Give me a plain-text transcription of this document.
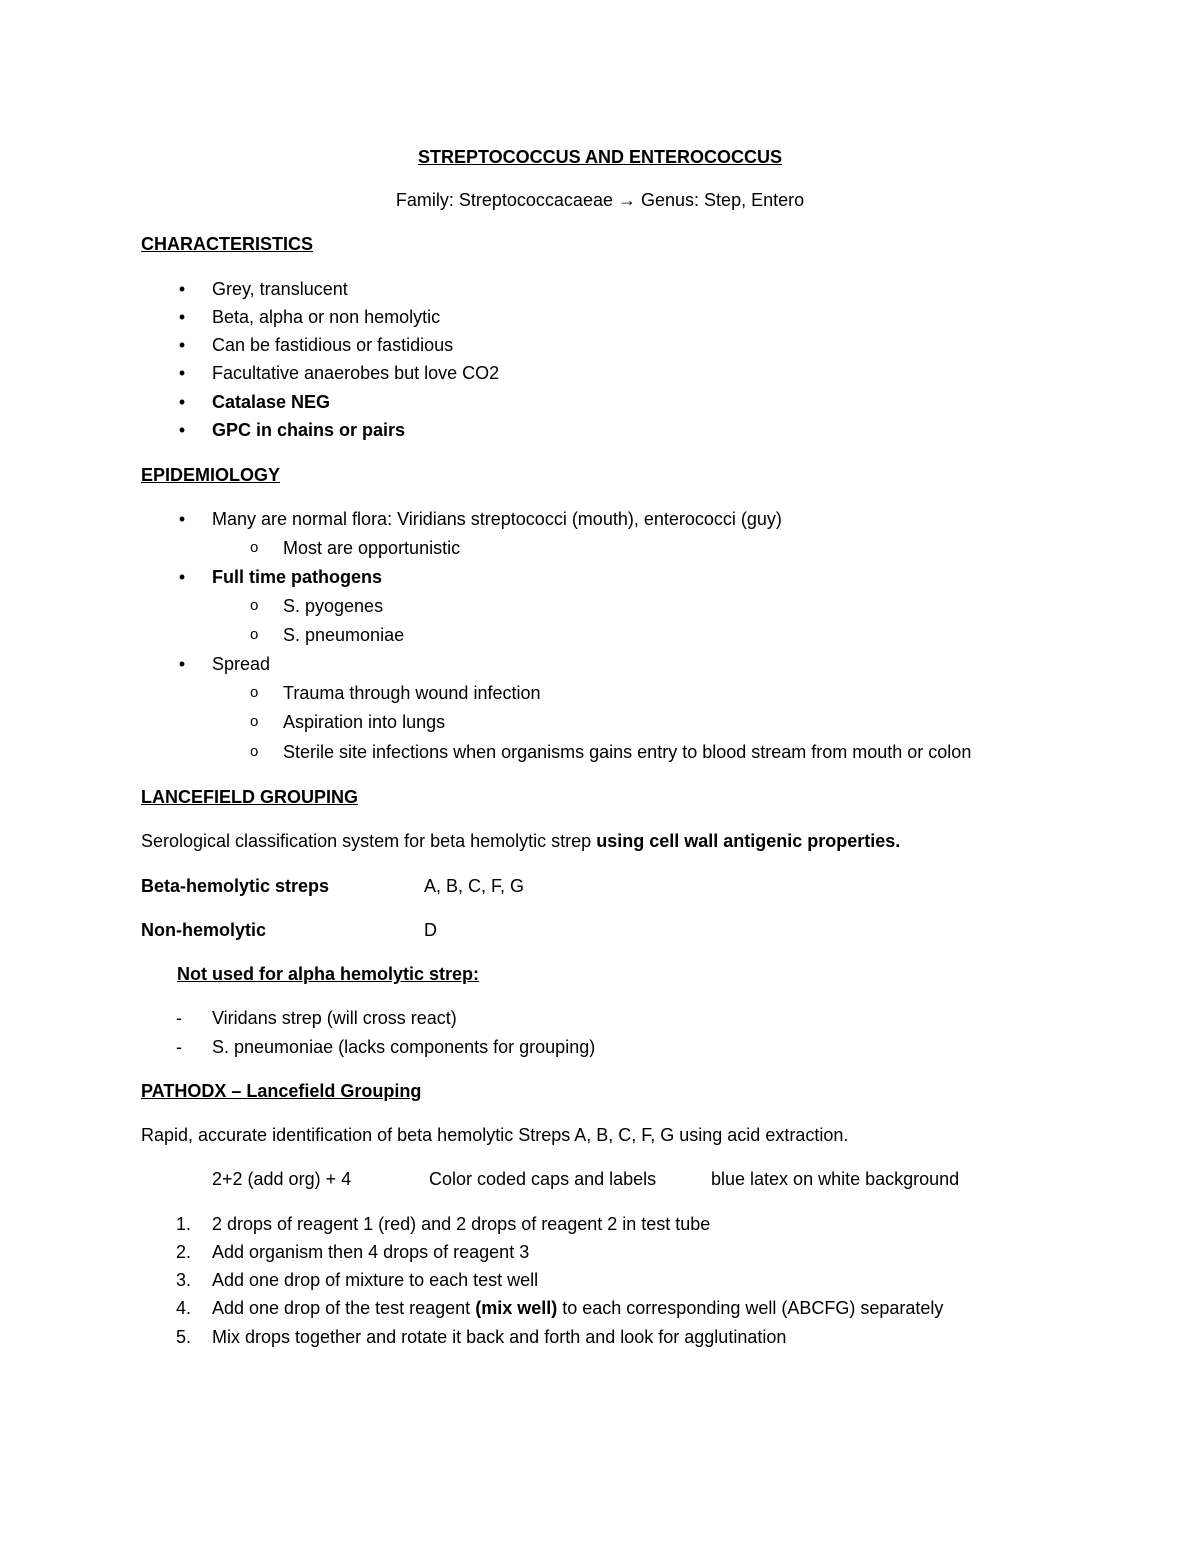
STREPTOCOCCUS AND ENTEROCOCCUS
Family: Streptococcacaeae → Genus: Step, Entero
CHARACTERISTICS
• Grey, translucent
• Beta, alpha or non hemolytic
• Can be fastidious or fastidious
• Facultative anaerobes but love CO2
• Catalase NEG
• GPC in chains or pairs
EPIDEMIOLOGY
• Many are normal flora: Viridians streptococci (mouth), enterococci (guy)
o Most are opportunistic
• Full time pathogens
o S. pyogenes
o S. pneumoniae
• Spread
o Trauma through wound infection
o Aspiration into lungs
o Sterile site infections when organisms gains entry to blood stream from mouth or colon
LANCEFIELD GROUPING
Serological classification system for beta hemolytic strep using cell wall antigenic properties.
Beta-hemolytic streps	A, B, C, F, G
Non-hemolytic	D
Not used for alpha hemolytic strep:
- Viridans strep (will cross react)
- S. pneumoniae (lacks components for grouping)
PATHODX – Lancefield Grouping
Rapid, accurate identification of beta hemolytic Streps A, B, C, F, G using acid extraction.
2+2 (add org) + 4	Color coded caps and labels	blue latex on white background
1.	2 drops of reagent 1 (red) and 2 drops of reagent 2 in test tube
2.	Add organism then 4 drops of reagent 3
3.	Add one drop of mixture to each test well
4.	Add one drop of the test reagent (mix well) to each corresponding well (ABCFG) separately
5.	Mix drops together and rotate it back and forth and look for agglutination
